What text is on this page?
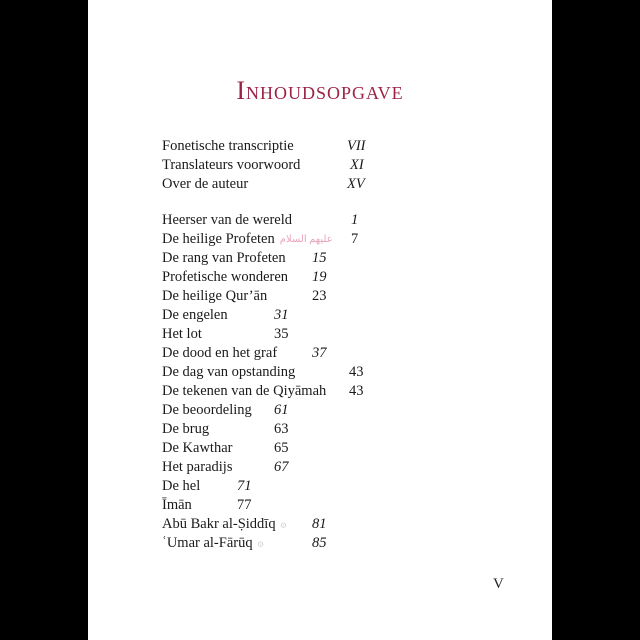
Inhoudsopgave
Fonetische transcriptie	VII
Translateurs voorwoord	XI
Over de auteur	XV
Heerser van de wereld	1
De heilige Profeten عليهم السلام 7
De rang van Profeten 15
Profetische wonderen 19
De heilige Qur’ān	23
De engelen	31
Het lot	35
De dood en het graf 37
De dag van opstanding	43
De tekenen van de Qiyāmah 43
De beoordeling 61
De brug	63
De Kawthar	65
Het paradijs	67
De hel	71
Īmān	77
Abū Bakr al-Ṣiddīq ۞ 81
ʿUmar al-Fārūq ۞	85
V
